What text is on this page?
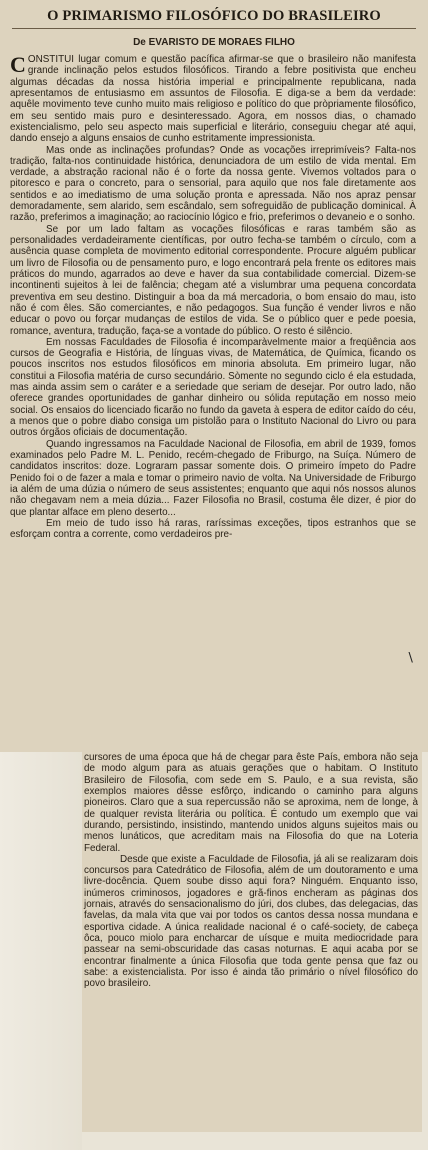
O PRIMARISMO FILOSÓFICO DO BRASILEIRO
De EVARISTO DE MORAES FILHO

CONSTITUI lugar comum e questão pacífica afirmar-se que o brasileiro não manifesta grande inclinação pelos estudos filosóficos. Tirando a febre positivista que encheu algumas décadas da nossa história imperial e principalmente republicana, nada apresentamos de entusiasmo em assuntos de Filosofia. E diga-se a bem da verdade: aquêle movimento teve cunho muito mais religioso e político do que pròpriamente filosófico, em seu sentido mais puro e desinteressado. Agora, em nossos dias, o chamado existencialismo, pelo seu aspecto mais superficial e literário, conseguiu chegar até aqui, dando ensejo a alguns ensaios de cunho estritamente impressionista.

Mas onde as inclinações profundas? Onde as vocações irreprimíveis? Falta-nos tradição, falta-nos continuidade histórica, denunciadora de um estilo de vida mental. Em verdade, a abstração racional não é o forte da nossa gente. Vivemos voltados para o pitoresco e para o concreto, para o sensorial, para aquilo que nos fale diretamente aos sentidos e ao imediatismo de uma solução pronta e apressada. Não nos apraz pensar demoradamente, sem alarido, sem escândalo, sem sofreguidão de publicação dominical. À razão, preferimos a imaginação; ao raciocínio lógico e frio, preferimos o devaneio e o sonho.

Se por um lado faltam as vocações filosóficas e raras também são as personalidades verdadeiramente científicas, por outro fecha-se também o círculo, com a ausência quase completa de movimento editorial correspondente. Procure alguém publicar um livro de Filosofia ou de pensamento puro, e logo encontrará pela frente os editores mais práticos do mundo, agarrados ao deve e haver da sua contabilidade comercial. Dizem-se incontinenti sujeitos à lei de falência; chegam até a vislumbrar uma pequena concordata preventiva em seu destino. Distinguir a boa da má mercadoria, o bom ensaio do mau, isto não é com êles. São comerciantes, e não pedagogos. Sua função é vender livros e não educar o povo ou forçar mudanças de estilos de vida. Se o público quer e pede poesia, romance, aventura, tradução, faça-se a vontade do público. O resto é silêncio.

Em nossas Faculdades de Filosofia é incomparàvelmente maior a freqüência aos cursos de Geografia e História, de línguas vivas, de Matemática, de Química, ficando os poucos inscritos nos estudos filosóficos em minoria absoluta. Em primeiro lugar, não constitui a Filosofia matéria de curso secundário. Sòmente no segundo ciclo é ela estudada, mas ainda assim sem o caráter e a seriedade que seriam de desejar. Por outro lado, não oferece grandes oportunidades de ganhar dinheiro ou sólida reputação em nosso meio social. Os ensaios do licenciado ficarão no fundo da gaveta à espera de editor caído do céu, a menos que o pobre diabo consiga um pistolão para o Instituto Nacional do Livro ou para outros órgãos oficiais de documentação.

Quando ingressamos na Faculdade Nacional de Filosofia, em abril de 1939, fomos examinados pelo Padre M. L. Penido, recém-chegado de Friburgo, na Suíça. Número de candidatos inscritos: doze. Lograram passar somente dois. O primeiro ímpeto do Padre Penido foi o de fazer a mala e tomar o primeiro navio de volta. Na Universidade de Friburgo ia além de uma dúzia o número de seus assistentes; enquanto que aqui nós nossos alunos não chegavam nem a meia dúzia... Fazer Filosofia no Brasil, costuma êle dizer, é pior do que plantar alface em pleno deserto...

Em meio de tudo isso há raras, raríssimas exceções, tipos estranhos que se esforçam contra a corrente, como verdadeiros pre-

cursores de uma época que há de chegar para êste País, embora não seja de modo algum para as atuais gerações que o habitam. O Instituto Brasileiro de Filosofia, com sede em S. Paulo, e a sua revista, são exemplos maiores dêsse esfôrço, indicando o caminho para alguns pioneiros. Claro que a sua repercussão não se aproxima, nem de longe, à de qualquer revista literária ou política. É contudo um exemplo que vai durando, persistindo, insistindo, mantendo unidos alguns sujeitos mais ou menos lunáticos, que acreditam mais na Filosofia do que na Loteria Federal.

Desde que existe a Faculdade de Filosofia, já ali se realizaram dois concursos para Catedrático de Filosofia, além de um doutoramento e uma livre-docência. Quem soube disso aqui fora? Ninguém. Enquanto isso, inúmeros criminosos, jogadores e grã-finos encheram as páginas dos jornais, através do sensacionalismo do júri, dos clubes, das delegacias, das favelas, da mala vita que vai por todos os cantos dessa nossa mundana e esportiva cidade. A única realidade nacional é o café-society, de cabeça ôca, pouco miolo para encharcar de uísque e muita mediocridade para passear na semi-obscuridade das casas noturnas. E aqui acaba por se encontrar finalmente a única Filosofia que toda gente pensa que faz ou sabe: a existencialista. Por isso é ainda tão primário o nível filosófico do povo brasileiro.

∖
